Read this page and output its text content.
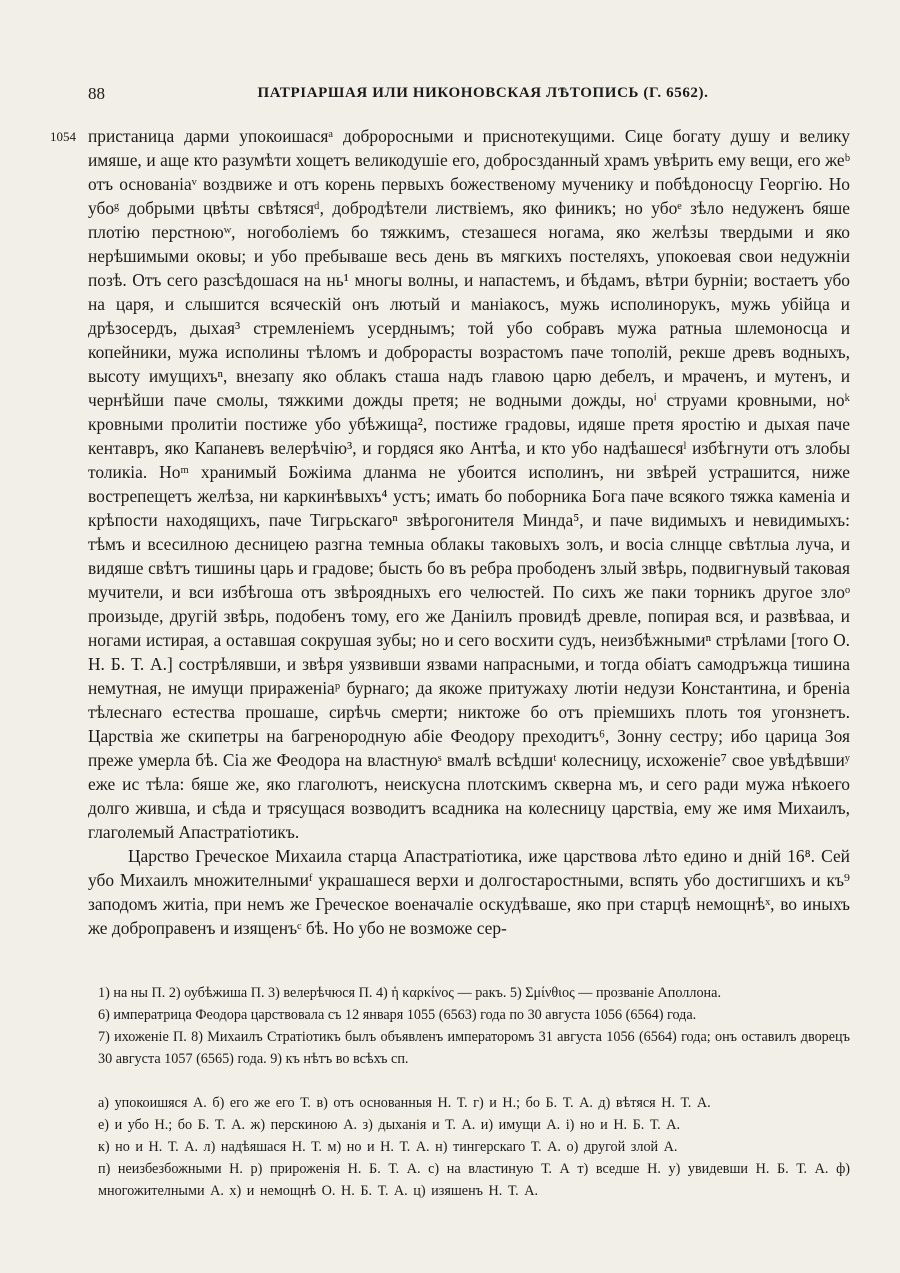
88	ПАТРІАРШАЯ ИЛИ НИКОНОВСКАЯ ЛѢТОПИСЬ (Г. 6562).
1054 пристаница дарми упокоишасяᵃ доброросными и приснотекущими. Сице богату душу и велику имяше, и аще кто разумѣти хощетъ великодушiе его, добросзданный храмъ увѣрить ему вещи, его жеᵇ отъ основанiаᵛ воздвиже и отъ корень первыхъ божественому мученику и побѣдоносцу Георгiю. Но убоᵍ добрыми цвѣты свѣтясяᵈ, добродѣтели листвiемъ, яко финикъ; но убоᵉ зѣло недуженъ бяше плотiю перстноюʷ, ногоболiемъ бо тяжкимъ, стезашеся ногама, яко желѣзы твердыми и яко нерѣшимыми оковы; и убо пребываше весь день въ мягкихъ постеляхъ, упокоевая свои недужнiи позѣ. Отъ сего разсѣдошася на нь¹ многы волны, и напастемъ, и бѣдамъ, вѣтри бурнiи; востаетъ убо на царя, и слышится всяческiй онъ лютый и манiакосъ, мужь исполинорукъ, мужь убiйца и дрѣзосердъ, дыхая³ стремленiемъ усерднымъ; той убо собравъ мужа ратныа шлемоносца и копейники, мужа исполины тѣломъ и доброрасты возрастомъ паче тополiй, рекше древъ водныхъ, высоту имущихъⁿ, внезапу яко облакъ сташа надъ главою царю дебелъ, и мраченъ, и мутенъ, и чернѣйши паче смолы, тяжкими дожды претя; не водными дожды, ноⁱ струами кровными, ноᵏ кровными пролитiи постиже убо убѣжища², постиже градовы, идяше претя яростiю и дыхая паче кентавръ, яко Капаневъ велерѣчiю³, и гордяся яко Антѣа, и кто убо надѣашесяˡ избѣгнути отъ злобы толикiа. Ноᵐ хранимый Божiима дланма не убоится исполинъ, ни звѣрей устрашится, ниже вострепещетъ желѣза, ни каркинѣвыхъ⁴ устъ; имать бо поборника Бога паче всякого тяжка каменiа и крѣпости находящихъ, паче Тигрьскагоⁿ звѣрогонителя Минда⁵, и паче видимыхъ и невидимыхъ: тѣмъ и всесилною десницею разгна темныа облакы таковыхъ золъ, и восiа слнцце свѣтлыа луча, и видяше свѣтъ тишины царь и градове; бысть бо въ ребра прободенъ злый звѣрь, подвигнувый таковая мучители, и вси избѣгоша отъ звѣроядныхъ его челюстей. По сихъ же паки торникъ другое злоᵒ произыде, другiй звѣрь, подобенъ тому, его же Данiилъ провидѣ древле, попирая вся, и развѣваа, и ногами истирая, а оставшая сокрушая зубы; но и сего восхити судъ, неизбѣжнымиⁿ стрѣлами [того О. Н. Б. Т. А.] сострѣлявши, и звѣря уязвивши язвами напрасными, и тогда обiатъ самодръжца тишина немутная, не имущи прираженiаᵖ бурнаго; да якоже притужаху лютiи недузи Константина, и бренiа тѣлеснаго естества прошаше, сирѣчь смерти; никтоже бо отъ прiемшихъ плоть тоя угонзнетъ. Царствiа же скипетры на багренородную абiе Феодору преходитъ⁶, Зонну сестру; ибо царица Зоя преже умерла бѣ. Сiа же Феодора на властнуюˢ вмалѣ всѣдшиᵗ колесницу, исхоженiе⁷ свое увѣдѣвшиʸ еже ис тѣла: бяше же, яко глаголютъ, неискусна плотскимъ скверна мъ, и сего ради мужа нѣкоего долго живша, и сѣда и трясущася возводитъ всадника на колесницу царствiа, ему же имя Михаилъ, глаголемый Апастратiотикъ.

Царство Греческое Михаила старца Апастратiотика, иже царствова лѣто едино и днiй 16⁸. Сей убо Михаилъ множителнымиᶠ украшашеся верхи и долгостаростными, вспять убо достигшихъ и къ⁹ заподомъ житiа, при немъ же Греческое военачалiе оскудѣваше, яко при старцѣ немощнѣˣ, во иныхъ же доброправенъ и изященъᶜ бѣ. Но убо не возможе сер-

1) на ны П. 2) оубѣжиша П. 3) велерѣчюся П. 4) ἡ καρκίνος — ракъ. 5) Σμίνθιος — прозванiе Аполлона.

6) императрица Феодора царствовала съ 12 января 1055 (6563) года по 30 августа 1056 (6564) года.

7) ихоженiе П. 8) Михаилъ Стратiотикъ былъ объявленъ императоромъ 31 августа 1056 (6564) года; онъ оставилъ дворецъ 30 августа 1057 (6565) года. 9) къ нѣтъ во всѣхъ сп.

а) упокоишяся А. б) его же его Т. в) отъ основанныя Н. Т. г) и Н.; бо Б. Т. А. д) вѣтяся Н. Т. А.

е) и убо Н.; бо Б. Т. А. ж) перскиною А. з) дыханiя и Т. А. и) имущи А. i) но и Н. Б. Т. А.

к) но и Н. Т. А. л) надѣяшася Н. Т. м) но и Н. Т. А. н) тингерскаго Т. А. о) другой злой А.

п) неизбезбожными Н. р) прироженiя Н. Б. Т. А. с) на властиную Т. А т) вседше Н. у) увидевши Н. Б. Т. А. ф) многожителными А. х) и немощнѣ О. Н. Б. Т. А. ц) изяшенъ Н. Т. А.
